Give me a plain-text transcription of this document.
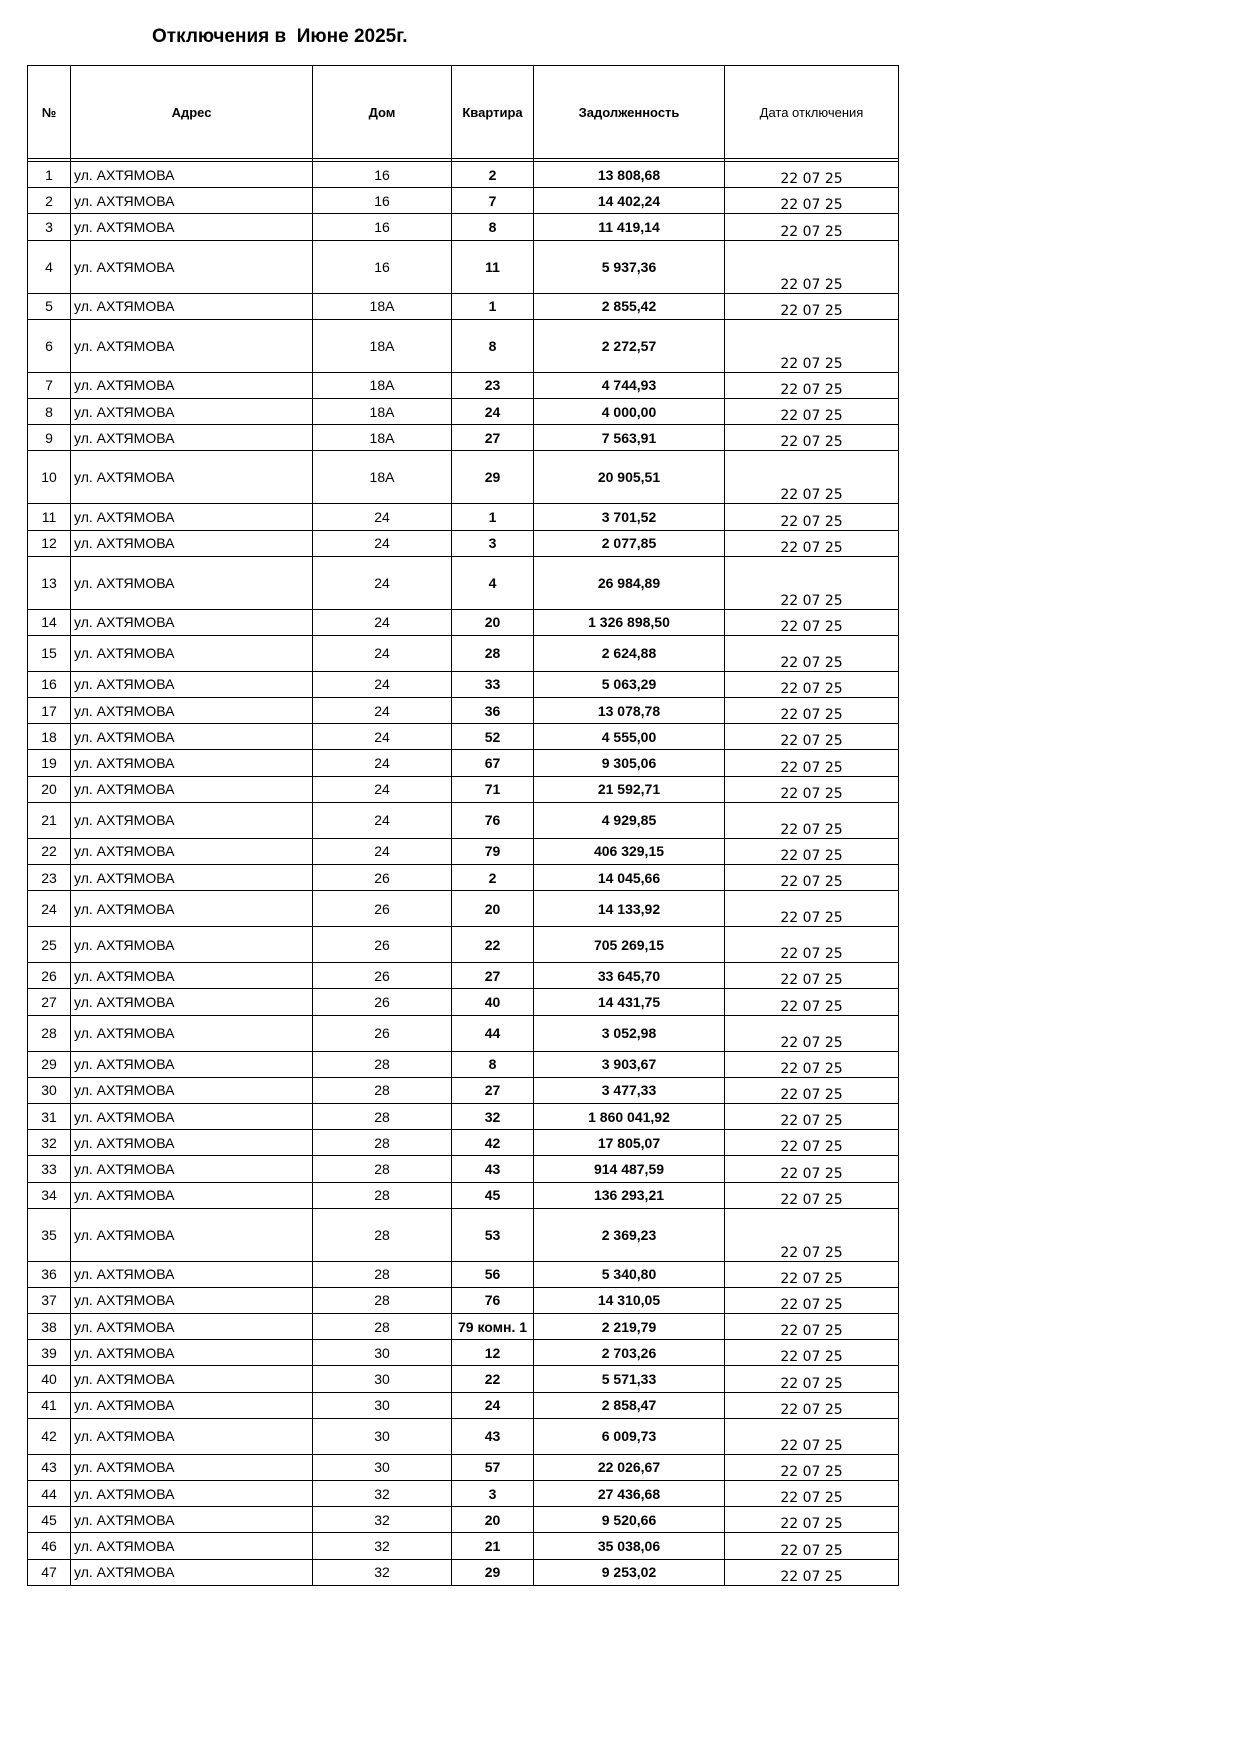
Отключения в  Июне 2025г.
№	Адрес	Дом	Квартира	Задолженность	Дата отключения

1	ул. АХТЯМОВА	16	2	13 808,68	22 07 25
2	ул. АХТЯМОВА	16	7	14 402,24	22 07 25
3	ул. АХТЯМОВА	16	8	11 419,14	22 07 25
4	ул. АХТЯМОВА	16	11	5 937,36	22 07 25
5	ул. АХТЯМОВА	18А	1	2 855,42	22 07 25
6	ул. АХТЯМОВА	18А	8	2 272,57	22 07 25
7	ул. АХТЯМОВА	18А	23	4 744,93	22 07 25
8	ул. АХТЯМОВА	18А	24	4 000,00	22 07 25
9	ул. АХТЯМОВА	18А	27	7 563,91	22 07 25
10	ул. АХТЯМОВА	18А	29	20 905,51	22 07 25
11	ул. АХТЯМОВА	24	1	3 701,52	22 07 25
12	ул. АХТЯМОВА	24	3	2 077,85	22 07 25
13	ул. АХТЯМОВА	24	4	26 984,89	22 07 25
14	ул. АХТЯМОВА	24	20	1 326 898,50	22 07 25
15	ул. АХТЯМОВА	24	28	2 624,88	22 07 25
16	ул. АХТЯМОВА	24	33	5 063,29	22 07 25
17	ул. АХТЯМОВА	24	36	13 078,78	22 07 25
18	ул. АХТЯМОВА	24	52	4 555,00	22 07 25
19	ул. АХТЯМОВА	24	67	9 305,06	22 07 25
20	ул. АХТЯМОВА	24	71	21 592,71	22 07 25
21	ул. АХТЯМОВА	24	76	4 929,85	22 07 25
22	ул. АХТЯМОВА	24	79	406 329,15	22 07 25
23	ул. АХТЯМОВА	26	2	14 045,66	22 07 25
24	ул. АХТЯМОВА	26	20	14 133,92	22 07 25
25	ул. АХТЯМОВА	26	22	705 269,15	22 07 25
26	ул. АХТЯМОВА	26	27	33 645,70	22 07 25
27	ул. АХТЯМОВА	26	40	14 431,75	22 07 25
28	ул. АХТЯМОВА	26	44	3 052,98	22 07 25
29	ул. АХТЯМОВА	28	8	3 903,67	22 07 25
30	ул. АХТЯМОВА	28	27	3 477,33	22 07 25
31	ул. АХТЯМОВА	28	32	1 860 041,92	22 07 25
32	ул. АХТЯМОВА	28	42	17 805,07	22 07 25
33	ул. АХТЯМОВА	28	43	914 487,59	22 07 25
34	ул. АХТЯМОВА	28	45	136 293,21	22 07 25
35	ул. АХТЯМОВА	28	53	2 369,23	22 07 25
36	ул. АХТЯМОВА	28	56	5 340,80	22 07 25
37	ул. АХТЯМОВА	28	76	14 310,05	22 07 25
38	ул. АХТЯМОВА	28	79 комн. 1	2 219,79	22 07 25
39	ул. АХТЯМОВА	30	12	2 703,26	22 07 25
40	ул. АХТЯМОВА	30	22	5 571,33	22 07 25
41	ул. АХТЯМОВА	30	24	2 858,47	22 07 25
42	ул. АХТЯМОВА	30	43	6 009,73	22 07 25
43	ул. АХТЯМОВА	30	57	22 026,67	22 07 25
44	ул. АХТЯМОВА	32	3	27 436,68	22 07 25
45	ул. АХТЯМОВА	32	20	9 520,66	22 07 25
46	ул. АХТЯМОВА	32	21	35 038,06	22 07 25
47	ул. АХТЯМОВА	32	29	9 253,02	22 07 25
